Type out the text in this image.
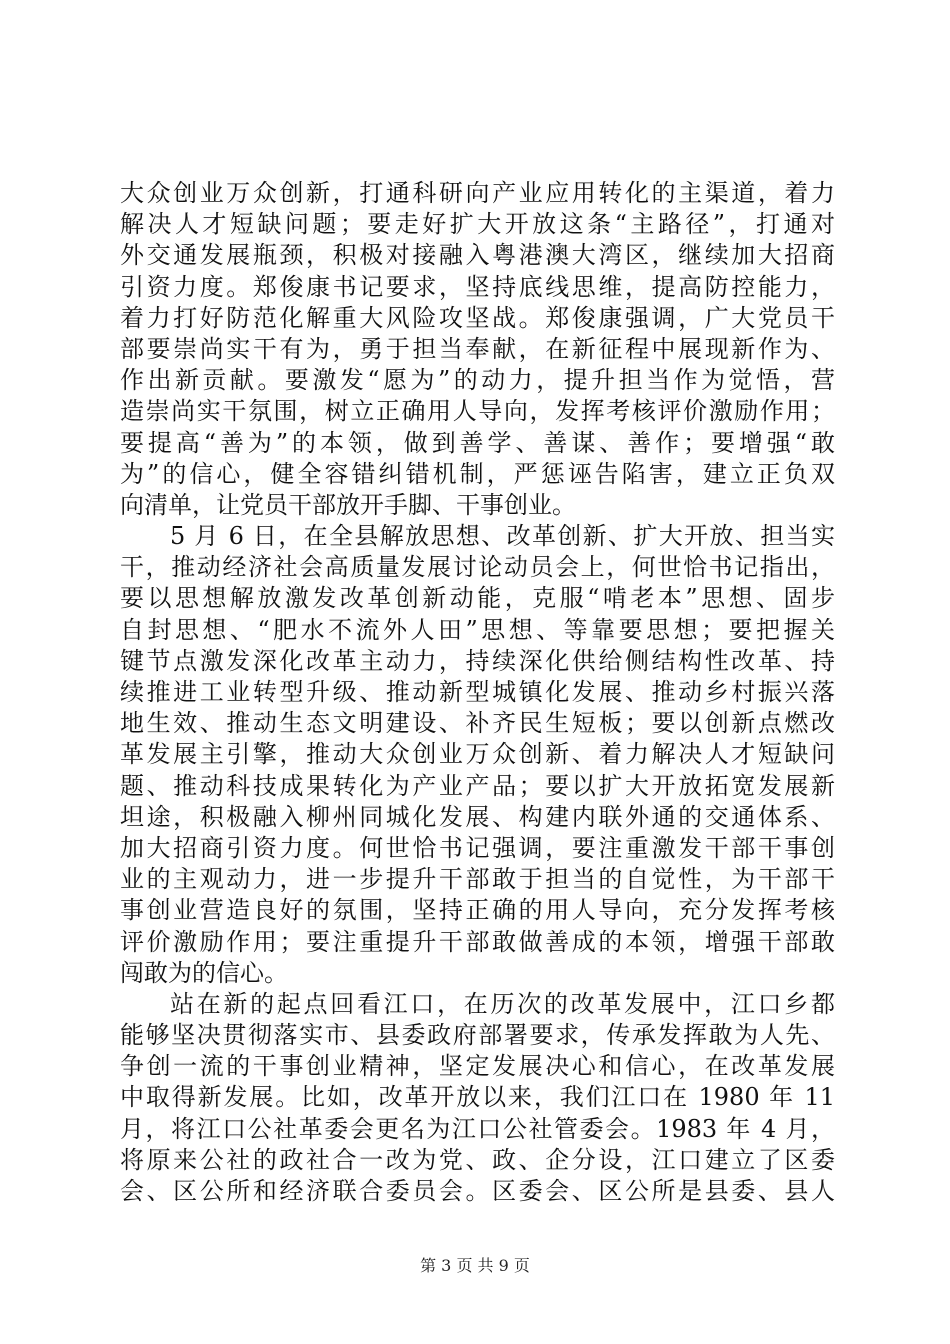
大众创业万众创新，打通科研向产业应用转化的主渠道，着力
解决人才短缺问题；要走好扩大开放这条“主路径”，打通对
外交通发展瓶颈，积极对接融入粤港澳大湾区，继续加大招商
引资力度。郑俊康书记要求，坚持底线思维，提高防控能力，
着力打好防范化解重大风险攻坚战。郑俊康强调，广大党员干
部要崇尚实干有为，勇于担当奉献，在新征程中展现新作为、
作出新贡献。要激发“愿为”的动力，提升担当作为觉悟，营
造崇尚实干氛围，树立正确用人导向，发挥考核评价激励作用；
要提高“善为”的本领，做到善学、善谋、善作；要增强“敢
为”的信心，健全容错纠错机制，严惩诬告陷害，建立正负双
向清单，让党员干部放开手脚、干事创业。
5 月 6 日，在全县解放思想、改革创新、扩大开放、担当实
干，推动经济社会高质量发展讨论动员会上，何世恰书记指出，
要以思想解放激发改革创新动能，克服“啃老本”思想、固步
自封思想、“肥水不流外人田”思想、等靠要思想；要把握关
键节点激发深化改革主动力，持续深化供给侧结构性改革、持
续推进工业转型升级、推动新型城镇化发展、推动乡村振兴落
地生效、推动生态文明建设、补齐民生短板；要以创新点燃改
革发展主引擎，推动大众创业万众创新、着力解决人才短缺问
题、推动科技成果转化为产业产品；要以扩大开放拓宽发展新
坦途，积极融入柳州同城化发展、构建内联外通的交通体系、
加大招商引资力度。何世恰书记强调，要注重激发干部干事创
业的主观动力，进一步提升干部敢于担当的自觉性，为干部干
事创业营造良好的氛围，坚持正确的用人导向，充分发挥考核
评价激励作用；要注重提升干部敢做善成的本领，增强干部敢
闯敢为的信心。
站在新的起点回看江口，在历次的改革发展中，江口乡都
能够坚决贯彻落实市、县委政府部署要求，传承发挥敢为人先、
争创一流的干事创业精神，坚定发展决心和信心，在改革发展
中取得新发展。比如，改革开放以来，我们江口在 1980 年 11
月，将江口公社革委会更名为江口公社管委会。1983 年 4 月，
将原来公社的政社合一改为党、政、企分设，江口建立了区委
会、区公所和经济联合委员会。区委会、区公所是县委、县人
第 3 页 共 9 页
